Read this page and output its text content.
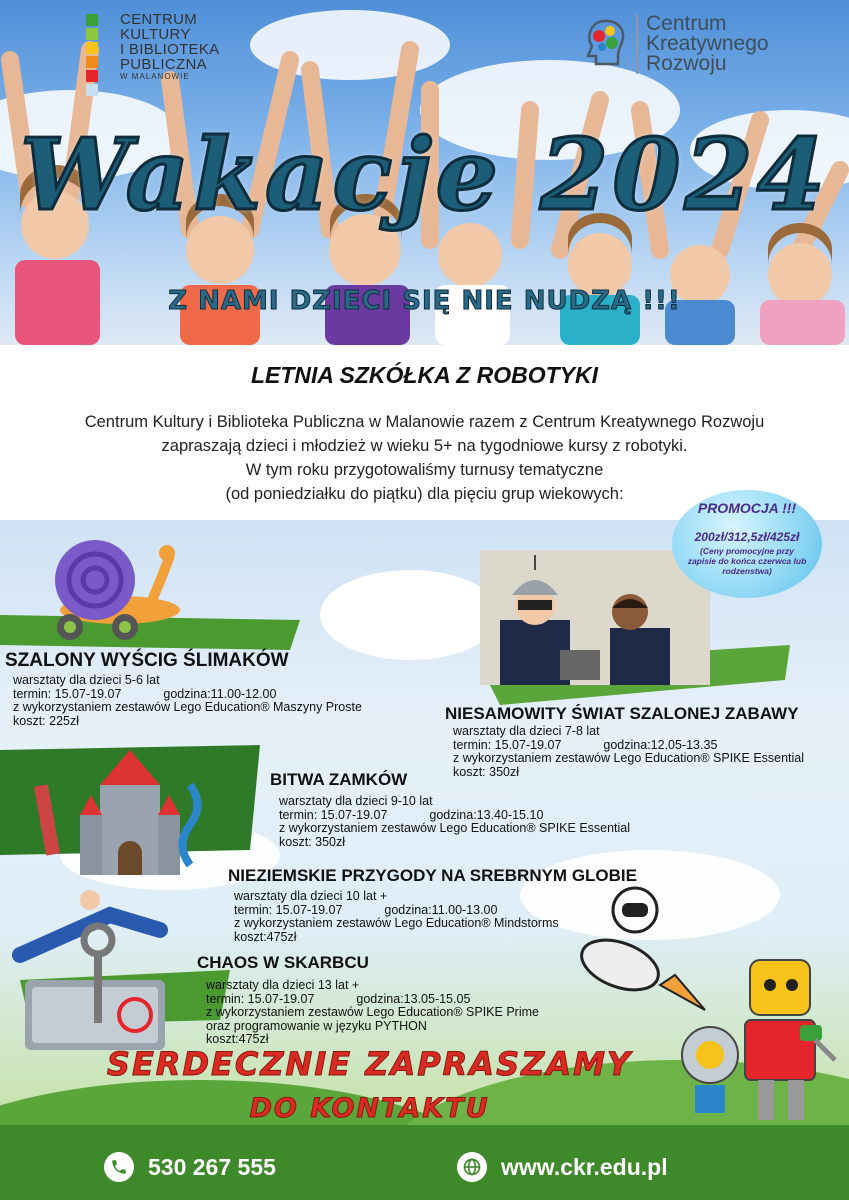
CENTRUM
KULTURY
I BIBLIOTEKA
PUBLICZNA
W MALANOWIE
Centrum
Kreatywnego
Rozwoju
Wakacje 2024
Z NAMI DZIECI SIĘ NIE NUDZĄ !!!
LETNIA SZKÓŁKA Z ROBOTYKI
Centrum Kultury i Biblioteka Publiczna w Malanowie razem z Centrum Kreatywnego Rozwoju
zapraszają dzieci i młodzież w wieku 5+ na tygodniowe kursy z robotyki.
W tym roku przygotowaliśmy turnusy tematyczne
(od poniedziałku do piątku) dla pięciu grup wiekowych:
PROMOCJA !!!
200zł/312,5zł/425zł
(Ceny promocyjne przy zapisie do końca czerwca lub rodzenstwa)
SZALONY WYŚCIG ŚLIMAKÓW
warsztaty dla dzieci 5-6 lat
termin: 15.07-19.07	godzina:11.00-12.00
z wykorzystaniem zestawów Lego Education® Maszyny Proste
koszt: 225zł	NIESAMOWITY ŚWIAT SZALONEJ ZABAWY
warsztaty dla dzieci 7-8 lat
termin: 15.07-19.07	godzina:12.05-13.35
z wykorzystaniem zestawów Lego Education® SPIKE Essential
koszt: 350zł
BITWA ZAMKÓW
warsztaty dla dzieci 9-10 lat
termin: 15.07-19.07	godzina:13.40-15.10
z wykorzystaniem zestawów Lego Education® SPIKE Essential
koszt: 350zł
NIEZIEMSKIE PRZYGODY NA SREBRNYM GLOBIE
warsztaty dla dzieci 10 lat +
termin: 15.07-19.07	godzina:11.00-13.00
z wykorzystaniem zestawów Lego Education® Mindstorms
koszt:475zł
CHAOS W SKARBCU
warsztaty dla dzieci 13 lat +
termin: 15.07-19.07	godzina:13.05-15.05
z wykorzystaniem zestawów Lego Education® SPIKE Prime
oraz programowanie w języku PYTHON
koszt:475zł
SERDECZNIE ZAPRASZAMY
DO KONTAKTU
530 267 555	www.ckr.edu.pl
